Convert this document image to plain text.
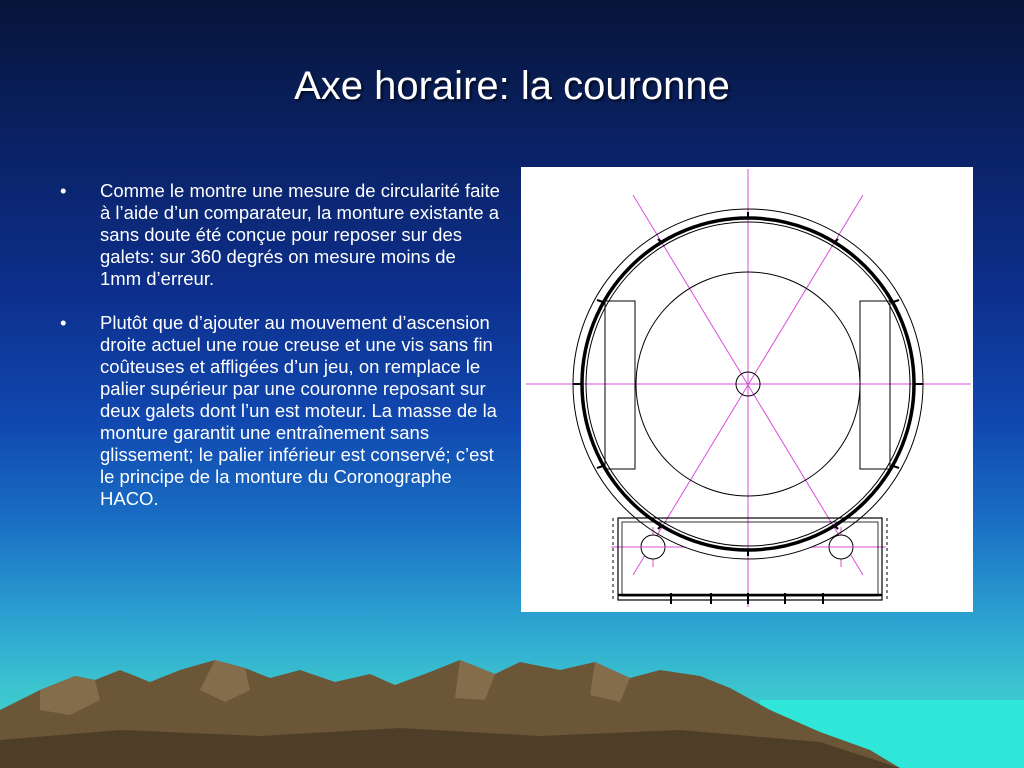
Axe horaire: la couronne
• Comme le montre une mesure de circularité faite à l’aide d’un comparateur, la monture existante a sans doute été conçue pour reposer sur des galets: sur 360 degrés on mesure moins de 1mm d’erreur.
• Plutôt que d’ajouter au mouvement d’ascension droite actuel une roue creuse et une vis sans fin coûteuses et affligées d’un jeu, on remplace le palier supérieur par une couronne reposant sur deux galets dont l’un est moteur. La masse de la monture garantit une entraînement sans glissement; le palier inférieur est conservé; c’est le principe de la monture du Coronographe HACO.
